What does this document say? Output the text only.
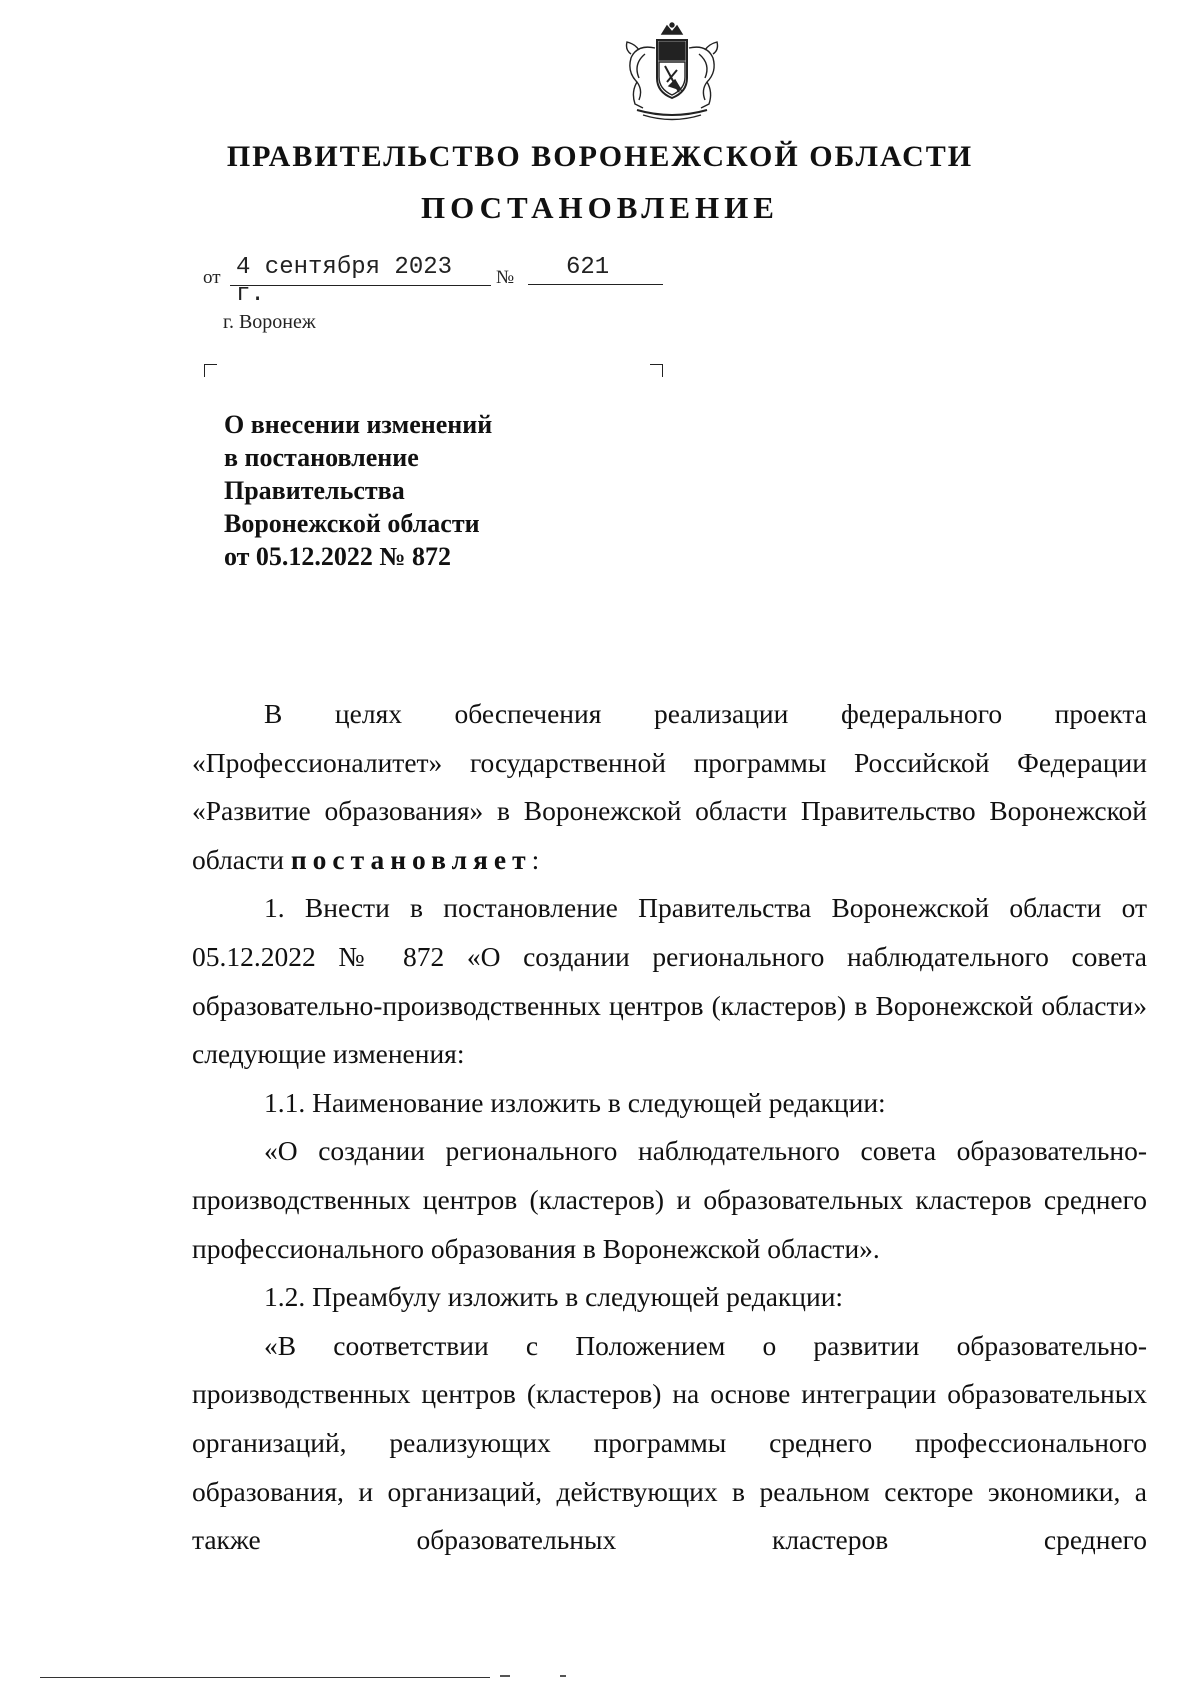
ПРАВИТЕЛЬСТВО ВОРОНЕЖСКОЙ ОБЛАСТИ
ПОСТАНОВЛЕНИЕ
от 4 сентября 2023 г.
№	621
г. Воронеж
О внесении изменений
в постановление
Правительства
Воронежской области
от 05.12.2022 № 872

В целях обеспечения реализации федерального проекта «Профессионалитет» государственной программы Российской Федерации «Развитие образования» в Воронежской области Правительство Воронежской области постановляет:

1. Внести в постановление Правительства Воронежской области от 05.12.2022 № 872 «О создании регионального наблюдательного совета образовательно-производственных центров (кластеров) в Воронежской области» следующие изменения:

1.1. Наименование изложить в следующей редакции:

«О создании регионального наблюдательного совета образовательно-производственных центров (кластеров) и образовательных кластеров среднего профессионального образования в Воронежской области».

1.2. Преамбулу изложить в следующей редакции:

«В соответствии с Положением о развитии образовательно-производственных центров (кластеров) на основе интеграции образовательных организаций, реализующих программы среднего профессионального образования, и организаций, действующих в реальном секторе экономики, а также образовательных кластеров среднего
